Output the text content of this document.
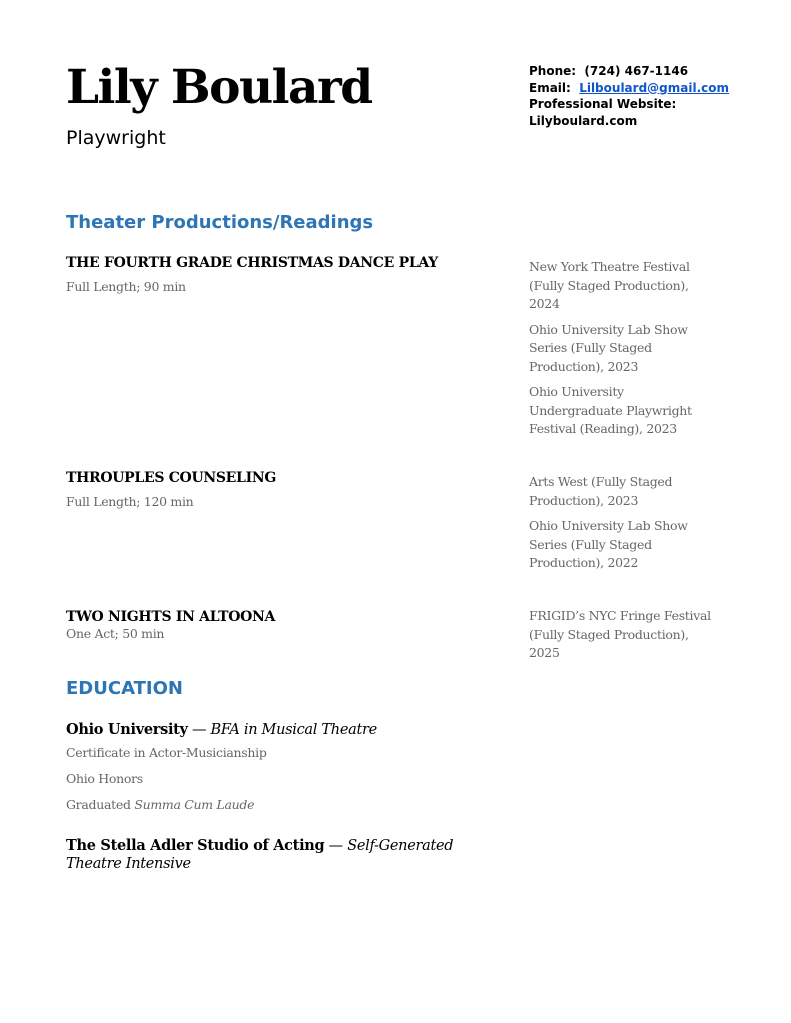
Lily Boulard
Playwright
Phone: (724) 467-1146
Email: Lilboulard@gmail.com
Professional Website:
Lilyboulard.com
Theater Productions/Readings
THE FOURTH GRADE CHRISTMAS DANCE PLAY
Full Length; 90 min

New York Theatre Festival (Fully Staged Production), 2024

Ohio University Lab Show Series (Fully Staged Production), 2023

Ohio University Undergraduate Playwright Festival (Reading), 2023

THROUPLES COUNSELING
Full Length; 120 min

Arts West (Fully Staged Production), 2023

Ohio University Lab Show Series (Fully Staged Production), 2022

TWO NIGHTS IN ALTOONA
One Act; 50 min

FRIGID’s NYC Fringe Festival (Fully Staged Production), 2025

EDUCATION
Ohio University — BFA in Musical Theatre
Certificate in Actor-Musicianship
Ohio Honors
Graduated Summa Cum Laude
The Stella Adler Studio of Acting — Self-Generated Theatre Intensive
